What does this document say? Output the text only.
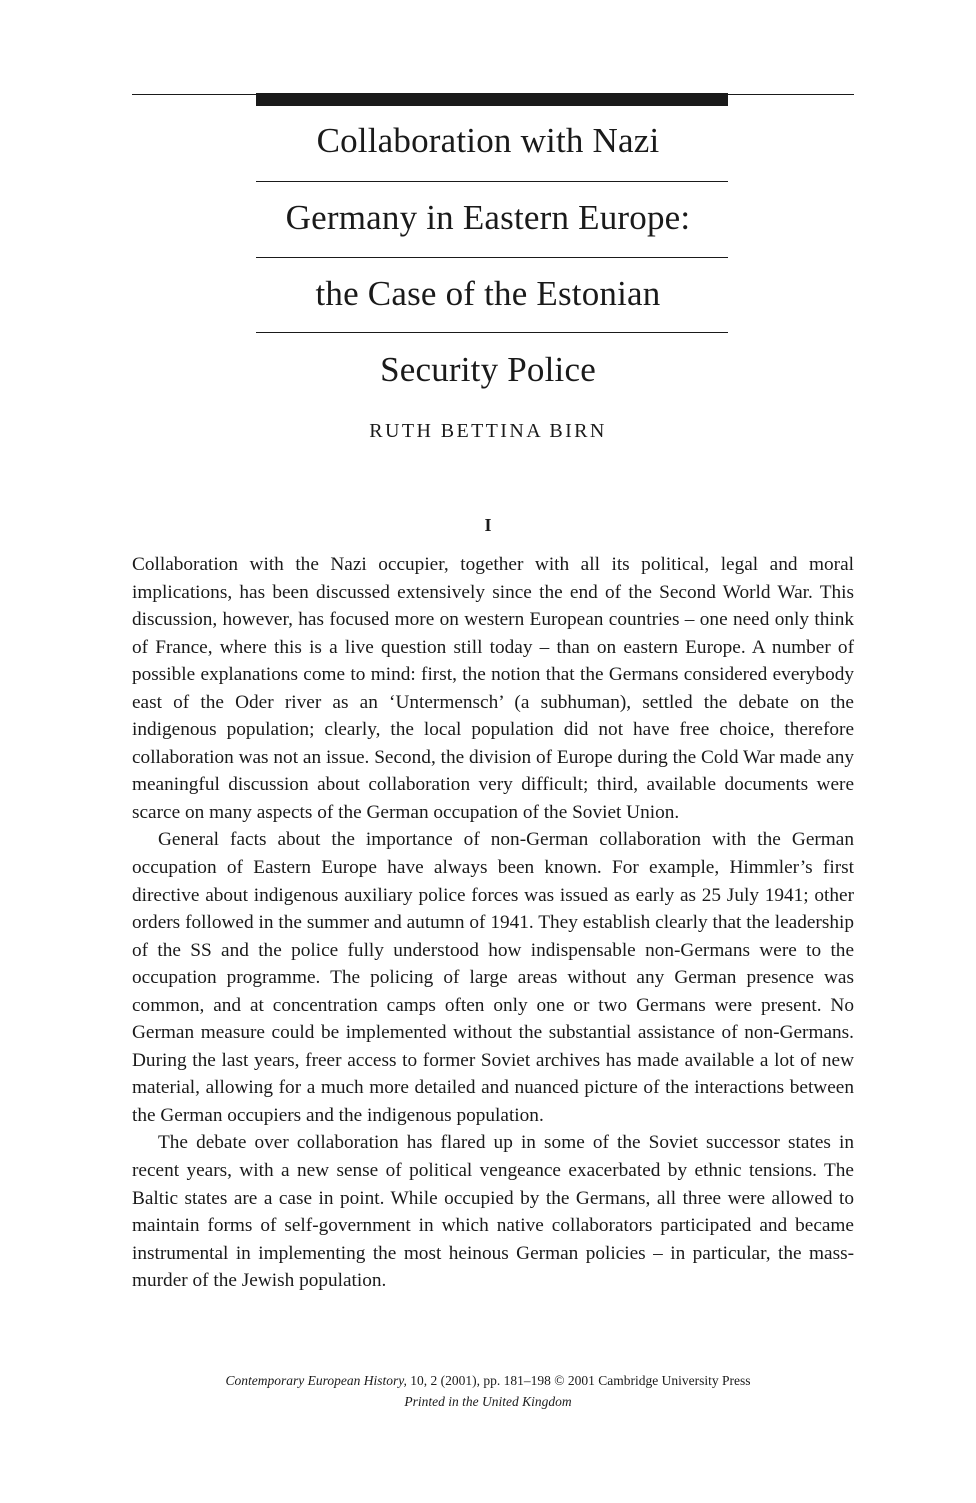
Collaboration with Nazi
Germany in Eastern Europe:
the Case of the Estonian
Security Police
RUTH BETTINA BIRN
I

Collaboration with the Nazi occupier, together with all its political, legal and moral implications, has been discussed extensively since the end of the Second World War. This discussion, however, has focused more on western European countries – one need only think of France, where this is a live question still today – than on eastern Europe. A number of possible explanations come to mind: first, the notion that the Germans considered everybody east of the Oder river as an ‘Untermensch’ (a subhuman), settled the debate on the indigenous population; clearly, the local population did not have free choice, therefore collaboration was not an issue. Second, the division of Europe during the Cold War made any meaningful discussion about collaboration very difficult; third, available documents were scarce on many aspects of the German occupation of the Soviet Union.

General facts about the importance of non-German collaboration with the German occupation of Eastern Europe have always been known. For example, Himmler’s first directive about indigenous auxiliary police forces was issued as early as 25 July 1941; other orders followed in the summer and autumn of 1941. They establish clearly that the leadership of the SS and the police fully understood how indispensable non-Germans were to the occupation programme. The policing of large areas without any German presence was common, and at concentration camps often only one or two Germans were present. No German measure could be implemented without the substantial assistance of non-Germans. During the last years, freer access to former Soviet archives has made available a lot of new material, allowing for a much more detailed and nuanced picture of the interactions between the German occupiers and the indigenous population.

The debate over collaboration has flared up in some of the Soviet successor states in recent years, with a new sense of political vengeance exacerbated by ethnic tensions. The Baltic states are a case in point. While occupied by the Germans, all three were allowed to maintain forms of self-government in which native collaborators participated and became instrumental in implementing the most heinous German policies – in particular, the mass-murder of the Jewish population.

Contemporary European History, 10, 2 (2001), pp. 181–198 © 2001 Cambridge University Press
Printed in the United Kingdom
